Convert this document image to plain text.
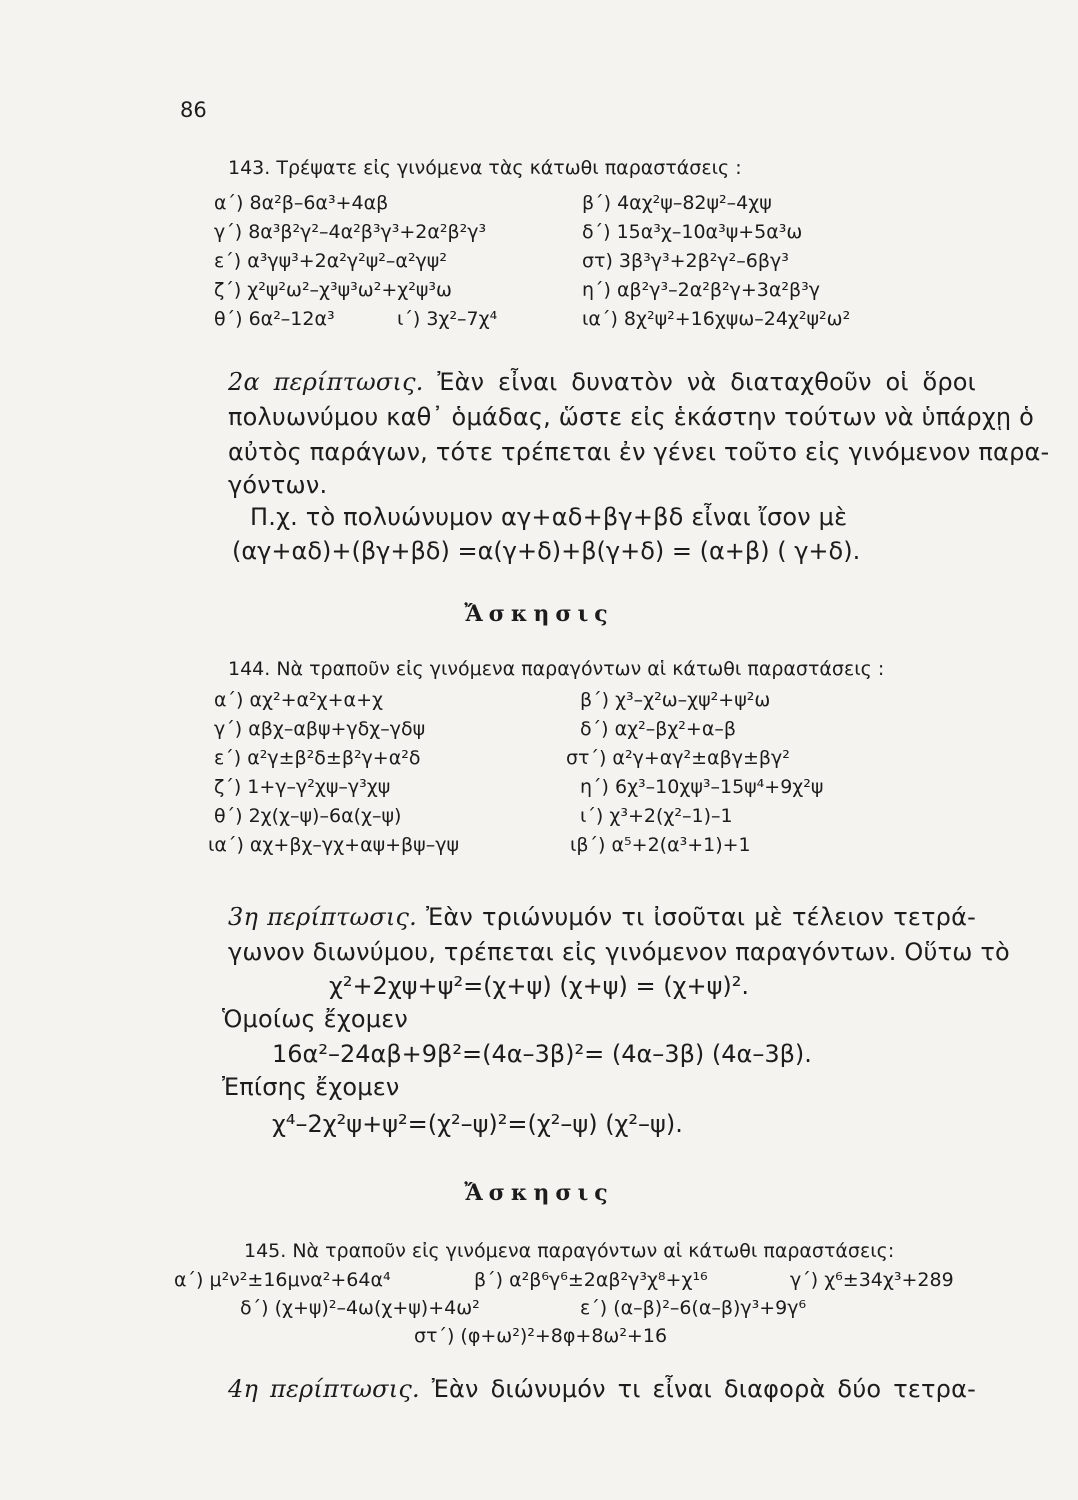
86
143. Τρέψατε εἰς γινόμενα τὰς κάτωθι παραστάσεις :
α΄) 8α²β–6α³+4αβ	β΄) 4αχ²ψ–82ψ²–4χψ
γ΄) 8α³β²γ²–4α²β³γ³+2α²β²γ³	δ΄) 15α³χ–10α³ψ+5α³ω
ε΄) α³γψ³+2α²γ²ψ²–α²γψ²	στ) 3β³γ³+2β²γ²–6βγ³
ζ΄) χ²ψ²ω²–χ³ψ³ω²+χ²ψ³ω	η΄) αβ²γ³–2α²β²γ+3α²β³γ
θ΄) 6α²–12α³	ι΄) 3χ²–7χ⁴	ια΄) 8χ²ψ²+16χψω–24χ²ψ²ω²
2α περίπτωσις. Ἐὰν εἶναι δυνατὸν νὰ διαταχθοῦν οἱ ὅροι
πολυωνύμου καθ᾿ ὁμάδας, ὥστε εἰς ἑκάστην τούτων νὰ ὑπάρχῃ ὁ
αὐτὸς παράγων, τότε τρέπεται ἐν γένει τοῦτο εἰς γινόμενον παρα-
γόντων.
Π.χ. τὸ πολυώνυμον αγ+αδ+βγ+βδ εἶναι ἴσον μὲ
(αγ+αδ)+(βγ+βδ) =α(γ+δ)+β(γ+δ) = (α+β) ( γ+δ).
Ἄσκησις
144. Νὰ τραποῦν εἰς γινόμενα παραγόντων αἱ κάτωθι παραστάσεις :
α΄) αχ²+α²χ+α+χ	β΄) χ³–χ²ω–χψ²+ψ²ω
γ΄) αβχ–αβψ+γδχ–γδψ	δ΄) αχ²–βχ²+α–β
ε΄) α²γ±β²δ±β²γ+α²δ	στ΄) α²γ+αγ²±αβγ±βγ²
ζ΄) 1+γ–γ²χψ–γ³χψ	η΄) 6χ³–10χψ³–15ψ⁴+9χ²ψ
θ΄) 2χ(χ–ψ)–6α(χ–ψ)	ι΄) χ³+2(χ²–1)–1
ια΄) αχ+βχ–γχ+αψ+βψ–γψ	ιβ΄) α⁵+2(α³+1)+1
3η περίπτωσις. Ἐὰν τριώνυμόν τι ἰσοῦται μὲ τέλειον τετρά-
γωνον διωνύμου, τρέπεται εἰς γινόμενον παραγόντων. Οὕτω τὸ
χ²+2χψ+ψ²=(χ+ψ) (χ+ψ) = (χ+ψ)².
Ὁμοίως ἔχομεν
16α²–24αβ+9β²=(4α–3β)²= (4α–3β) (4α–3β).
Ἐπίσης ἔχομεν
χ⁴–2χ²ψ+ψ²=(χ²–ψ)²=(χ²–ψ) (χ²–ψ).
Ἄσκησις
145. Νὰ τραποῦν εἰς γινόμενα παραγόντων αἱ κάτωθι παραστάσεις:
α΄) μ²ν²±16μνα²+64α⁴	β΄) α²β⁶γ⁶±2αβ²γ³χ⁸+χ¹⁶	γ΄) χ⁶±34χ³+289
δ΄) (χ+ψ)²–4ω(χ+ψ)+4ω²	ε΄) (α–β)²–6(α–β)γ³+9γ⁶
στ΄) (φ+ω²)²+8φ+8ω²+16
4η περίπτωσις. Ἐὰν διώνυμόν τι εἶναι διαφορὰ δύο τετρα-
